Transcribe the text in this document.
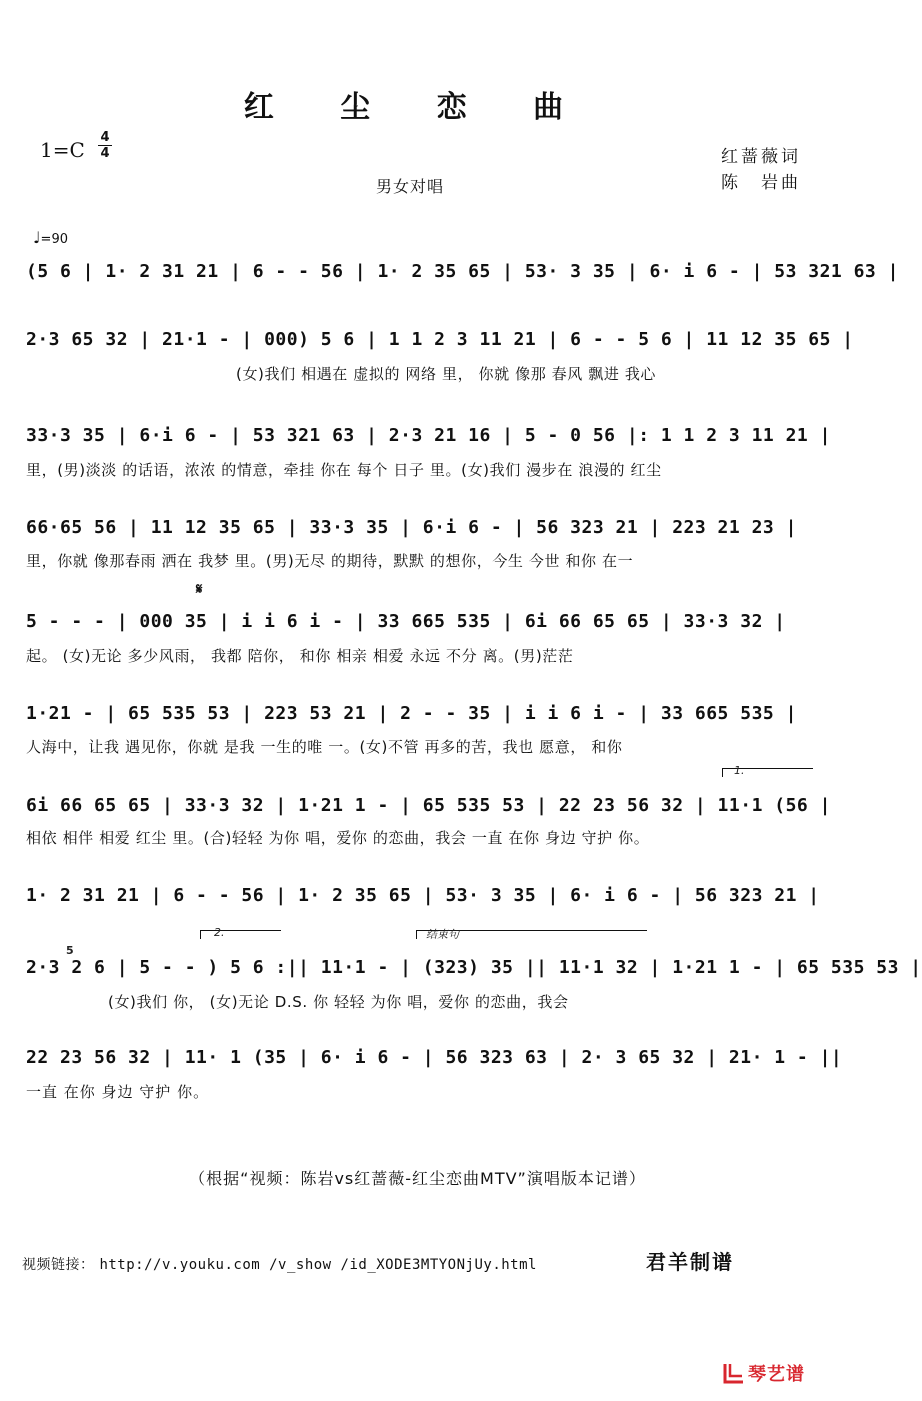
红 尘 恋 曲
1=C
4
4	红蔷薇词
陈　岩曲
男女对唱
♩=90
(5 6 | 1· 2 31 21 | 6 - - 56 | 1· 2 35 65 | 53· 3 35 | 6· i 6 - | 53 321 63 |
2·3 65 32 | 21·1 - | 000) 5 6 | 1 1 2 3 11 21 | 6 - - 5 6 | 11 12 35 65 |
(女)我们 相遇在 虚拟的 网络 里， 你就 像那 春风 飘进 我心
33·3 35 | 6·i 6 - | 53 321 63 | 2·3 21 16 | 5 - 0 56 |: 1 1 2 3 11 21 |
里，(男)淡淡 的话语，浓浓 的情意，牵挂 你在 每个 日子 里。(女)我们 漫步在 浪漫的 红尘
66·65 56 | 11 12 35 65 | 33·3 35 | 6·i 6 - | 56 323 21 | 223 21 23 |
里，你就 像那春雨 洒在 我梦 里。(男)无尽 的期待，默默 的想你，今生 今世 和你 在一
𝄋
5 - - - | 000 35 | i i 6 i - | 33 665 535 | 6i 66 65 65 | 33·3 32 |
起。 (女)无论 多少风雨， 我都 陪你， 和你 相亲 相爱 永远 不分 离。(男)茫茫
1·21 - | 65 535 53 | 223 53 21 | 2 - - 35 | i i 6 i - | 33 665 535 |
人海中，让我 遇见你，你就 是我 一生的唯 一。(女)不管 再多的苦，我也 愿意， 和你
1.
6i 66 65 65 | 33·3 32 | 1·21 1 - | 65 535 53 | 22 23 56 32 | 11·1 (56 |
相依 相伴 相爱 红尘 里。(合)轻轻 为你 唱，爱你 的恋曲，我会 一直 在你 身边 守护 你。
1· 2 31 21 | 6 - - 56 | 1· 2 35 65 | 53· 3 35 | 6· i 6 - | 56 323 21 |
2.	结束句
5
2·3 2 6 | 5 - - ) 5 6 :|| 11·1 - | (323) 35 || 11·1 32 | 1·21 1 - | 65 535 53 |
(女)我们 你， (女)无论 D.S. 你 轻轻 为你 唱，爱你 的恋曲，我会
22 23 56 32 | 11· 1 (35 | 6· i 6 - | 56 323 63 | 2· 3 65 32 | 21· 1 - ||
一直 在你 身边 守护 你。
（根据“视频：陈岩vs红蔷薇-红尘恋曲MTV”演唱版本记谱）
视频链接： http://v.youku.com /v_show /id_XODE3MTYONjUy.html	君羊制谱
琴艺谱
